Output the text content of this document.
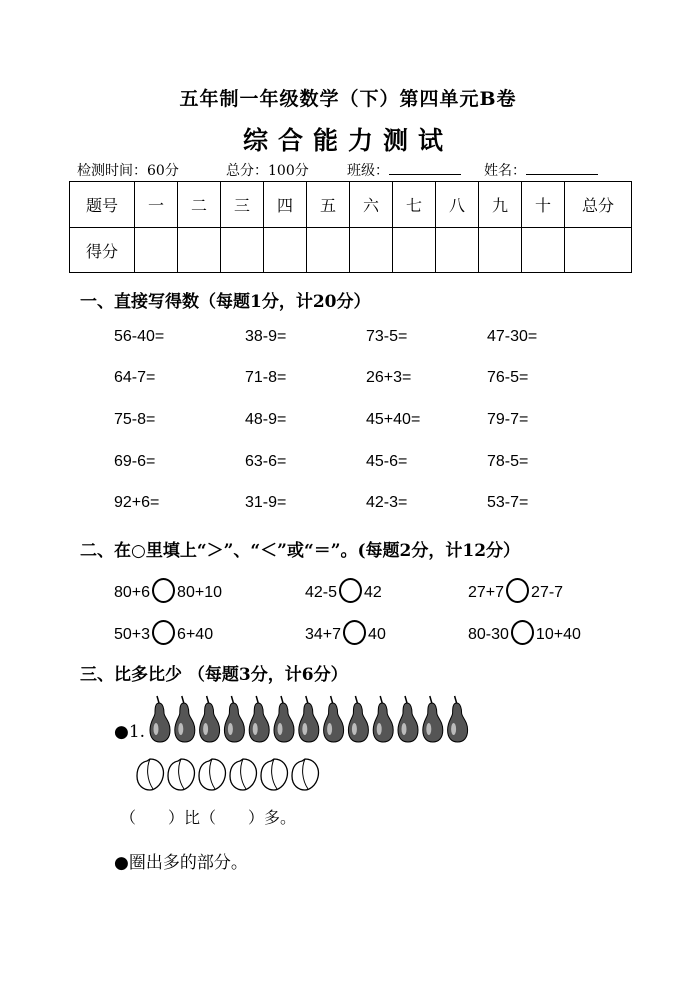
五年制一年级数学（下）第四单元B卷
综合能力测试
检测时间：60分	总分：100分	班级：	姓名：
题号	一	二	三	四	五	六	七	八	九	十	总分
得分											
一、直接写得数（每题1分，计20分）
56-40=	38-9=	73-5=	47-30=
64-7=	71-8=	26+3=	76-5=
75-8=	48-9=	45+40=	79-7=
69-6=	63-6=	45-6=	78-5=
92+6=	31-9=	42-3=	53-7=
二、在○里填上“＞”、“＜”或“＝”。(每题2分，计12分）
80+6 80+10	42-5 42	27+7 27-7
50+3 6+40	34+7 40	80-30 10+40
三、比多比少 （每题3分，计6分）
●1.
（　　）比（　　）多。
●圈出多的部分。
